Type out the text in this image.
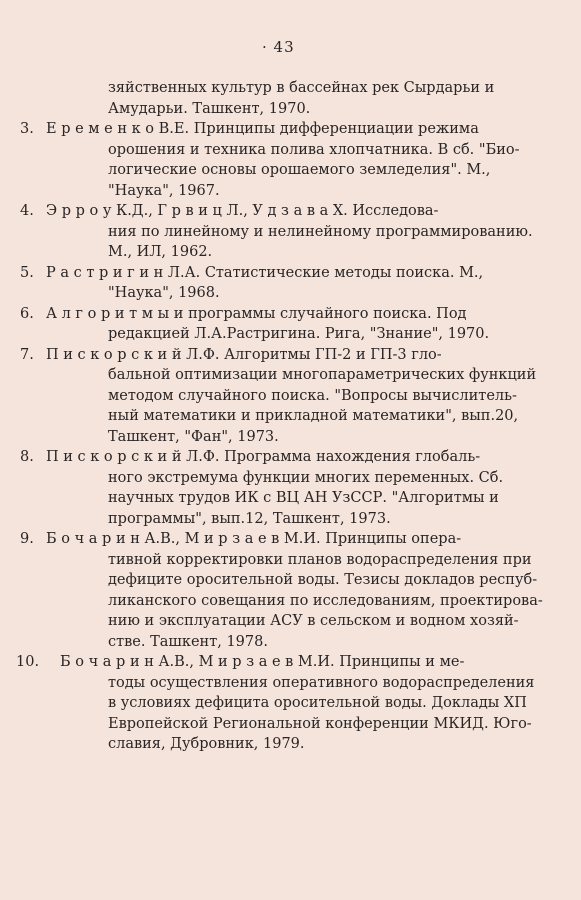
· 43
зяйственных культур в бассейнах рек Сырдарьи и
Амударьи. Ташкент, 1970.
3. Е р е м е н к о В.Е. Принципы дифференциации режима
орошения и техника полива хлопчатника. В сб. "Био-
логические основы орошаемого земледелия". М.,
"Наука", 1967.
4. Э р р о у К.Д., Г р в и ц Л., У д з а в а Х. Исследова-
ния по линейному и нелинейному программированию.
М., ИЛ, 1962.
5. Р а с т р и г и н Л.А. Статистические методы поиска. М.,
"Наука", 1968.
6. А л г о р и т м ы и программы случайного поиска. Под
редакцией Л.А.Растригина. Рига, "Знание", 1970.
7. П и с к о р с к и й Л.Ф. Алгоритмы ГП-2 и ГП-3 гло-
бальной оптимизации многопараметрических функций
методом случайного поиска. "Вопросы вычислитель-
ный математики и прикладной математики", вып.20,
Ташкент, "Фан", 1973.
8. П и с к о р с к и й Л.Ф. Программа нахождения глобаль-
ного экстремума функции многих переменных. Сб.
научных трудов ИК с ВЦ АН УзССР. "Алгоритмы и
программы", вып.12, Ташкент, 1973.
9. Б о ч а р и н А.В., М и р з а е в М.И. Принципы опера-
тивной корректировки планов водораспределения при
дефиците оросительной воды. Тезисы докладов респуб-
ликанского совещания по исследованиям, проектирова-
нию и эксплуатации АСУ в сельском и водном хозяй-
стве. Ташкент, 1978.
10. Б о ч а р и н А.В., М и р з а е в М.И. Принципы и ме-
тоды осуществления оперативного водораспределения
в условиях дефицита оросительной воды. Доклады ХП
Европейской Региональной конференции МКИД. Юго-
славия, Дубровник, 1979.
